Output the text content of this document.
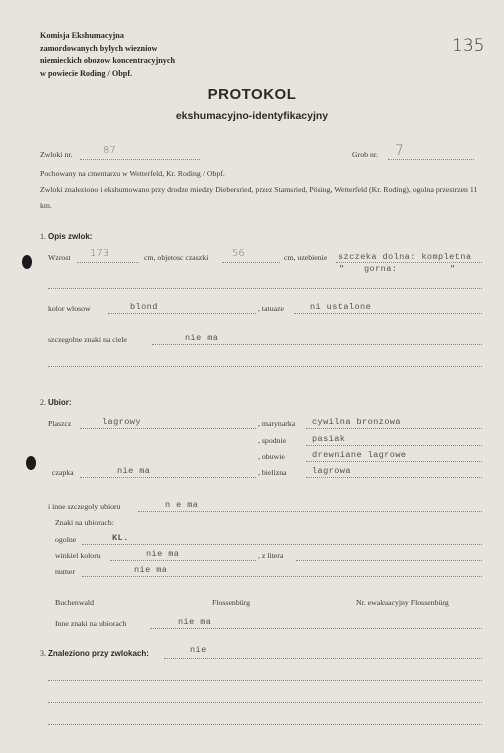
Komisja Ekshumacyjna
zamordowanych bylych wiezniow
niemieckich obozow koncentracyjnych
w powiecie Roding / Obpf.
135
PROTOKOL
ekshumacyjno-identyfikacyjny
Zwloki nr.	87	Grob nr. 7
Pochowany na cmentarzu w Wetterfeld, Kr. Roding / Obpf.
Zwloki znaleziono i ekshumowano przy drodze miedzy Diebersried, przez Stamsried, Pösing, Wetterfeld (Kr. Roding), ogolna przestrzen 11 km.
1. Opis zwlok:
Wzrost 173	cm, objetosc czaszki 56	cm, uzebienie szczeka dolna: kompletna
" gorna:	"
kolor wlosow	blond	, tatuaze	ni ustalone
szczegolne znaki na ciele	nie ma
2. Ubior:
Plaszcz	lagrowy	, marynarka cywilna bronzowa
, spodnie	pasiak
, obuwie	drewniane lagrowe
czapka	nie ma	, bielizna	lagrowa
i inne szczegoly ubioru	n e ma
Znaki na ubiorach:
ogolne	KL.
winkiel koloru	nie ma	, z litera
numer	nie ma
Buchenwald	Flossenbürg	Nr. ewakuacyjny Flossenbürg
Inne znaki na ubiorach	nie ma
3. Znaleziono przy zwlokach:	nie
